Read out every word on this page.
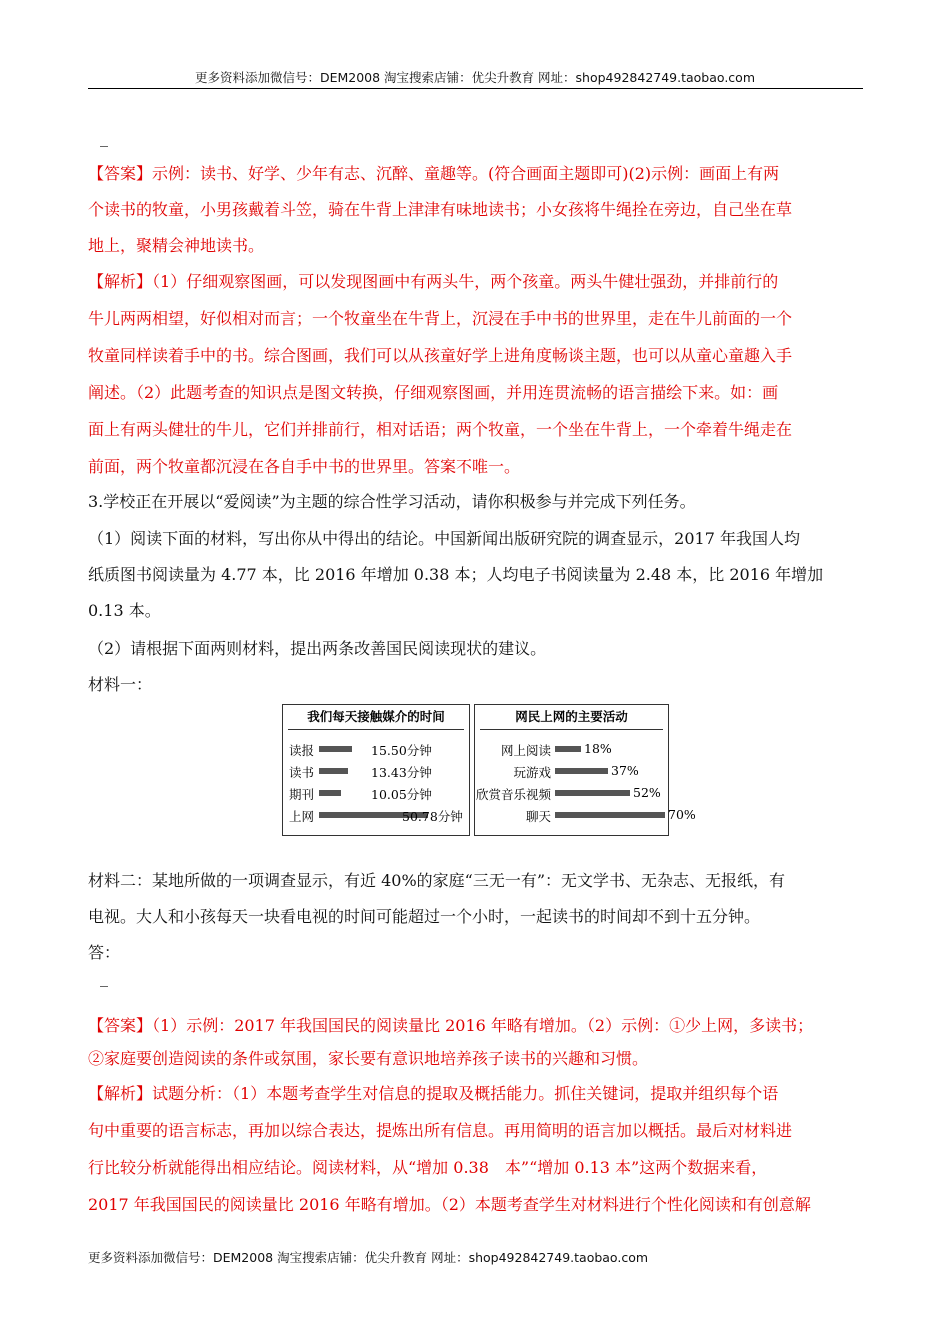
更多资料添加微信号：DEM2008 淘宝搜索店铺：优尖升教育 网址：shop492842749.taobao.com
_
【答案】示例：读书、好学、少年有志、沉醉、童趣等。(符合画面主题即可)(2)示例：画面上有两
个读书的牧童，小男孩戴着斗笠，骑在牛背上津津有味地读书；小女孩将牛绳拴在旁边，自己坐在草
地上，聚精会神地读书。
【解析】（1）仔细观察图画，可以发现图画中有两头牛，两个孩童。两头牛健壮强劲，并排前行的
牛儿两两相望，好似相对而言；一个牧童坐在牛背上，沉浸在手中书的世界里，走在牛儿前面的一个
牧童同样读着手中的书。综合图画，我们可以从孩童好学上进角度畅谈主题，也可以从童心童趣入手
阐述。（2）此题考查的知识点是图文转换，仔细观察图画，并用连贯流畅的语言描绘下来。如：画
面上有两头健壮的牛儿，它们并排前行，相对话语；两个牧童，一个坐在牛背上，一个牵着牛绳走在
前面，两个牧童都沉浸在各自手中书的世界里。答案不唯一。
3.学校正在开展以“爱阅读”为主题的综合性学习活动，请你积极参与并完成下列任务。
（1）阅读下面的材料，写出你从中得出的结论。中国新闻出版研究院的调查显示，2017 年我国人均
纸质图书阅读量为 4.77 本，比 2016 年增加 0.38 本；人均电子书阅读量为 2.48 本，比 2016 年增加
0.13 本。
（2）请根据下面两则材料，提出两条改善国民阅读现状的建议。
材料一：
我们每天接触媒介的时间
读报	15.50分钟
读书	13.43分钟
期刊	10.05分钟
上网	50.78分钟
网民上网的主要活动
网上阅读	18%
玩游戏	37%
欣赏音乐视频	52%
聊天	70%
材料二：某地所做的一项调查显示，有近 40%的家庭“三无一有”：无文学书、无杂志、无报纸，有
电视。大人和小孩每天一块看电视的时间可能超过一个小时，一起读书的时间却不到十五分钟。
答：
_
【答案】（1）示例：2017 年我国国民的阅读量比 2016 年略有增加。（2）示例：①少上网，多读书；
②家庭要创造阅读的条件或氛围，家长要有意识地培养孩子读书的兴趣和习惯。
【解析】试题分析：（1）本题考查学生对信息的提取及概括能力。抓住关键词，提取并组织每个语
句中重要的语言标志，再加以综合表达，提炼出所有信息。再用简明的语言加以概括。最后对材料进
行比较分析就能得出相应结论。阅读材料，从“增加 0.38　本”“增加 0.13 本”这两个数据来看，
2017 年我国国民的阅读量比 2016 年略有增加。（2）本题考查学生对材料进行个性化阅读和有创意解
更多资料添加微信号：DEM2008 淘宝搜索店铺：优尖升教育 网址：shop492842749.taobao.com
